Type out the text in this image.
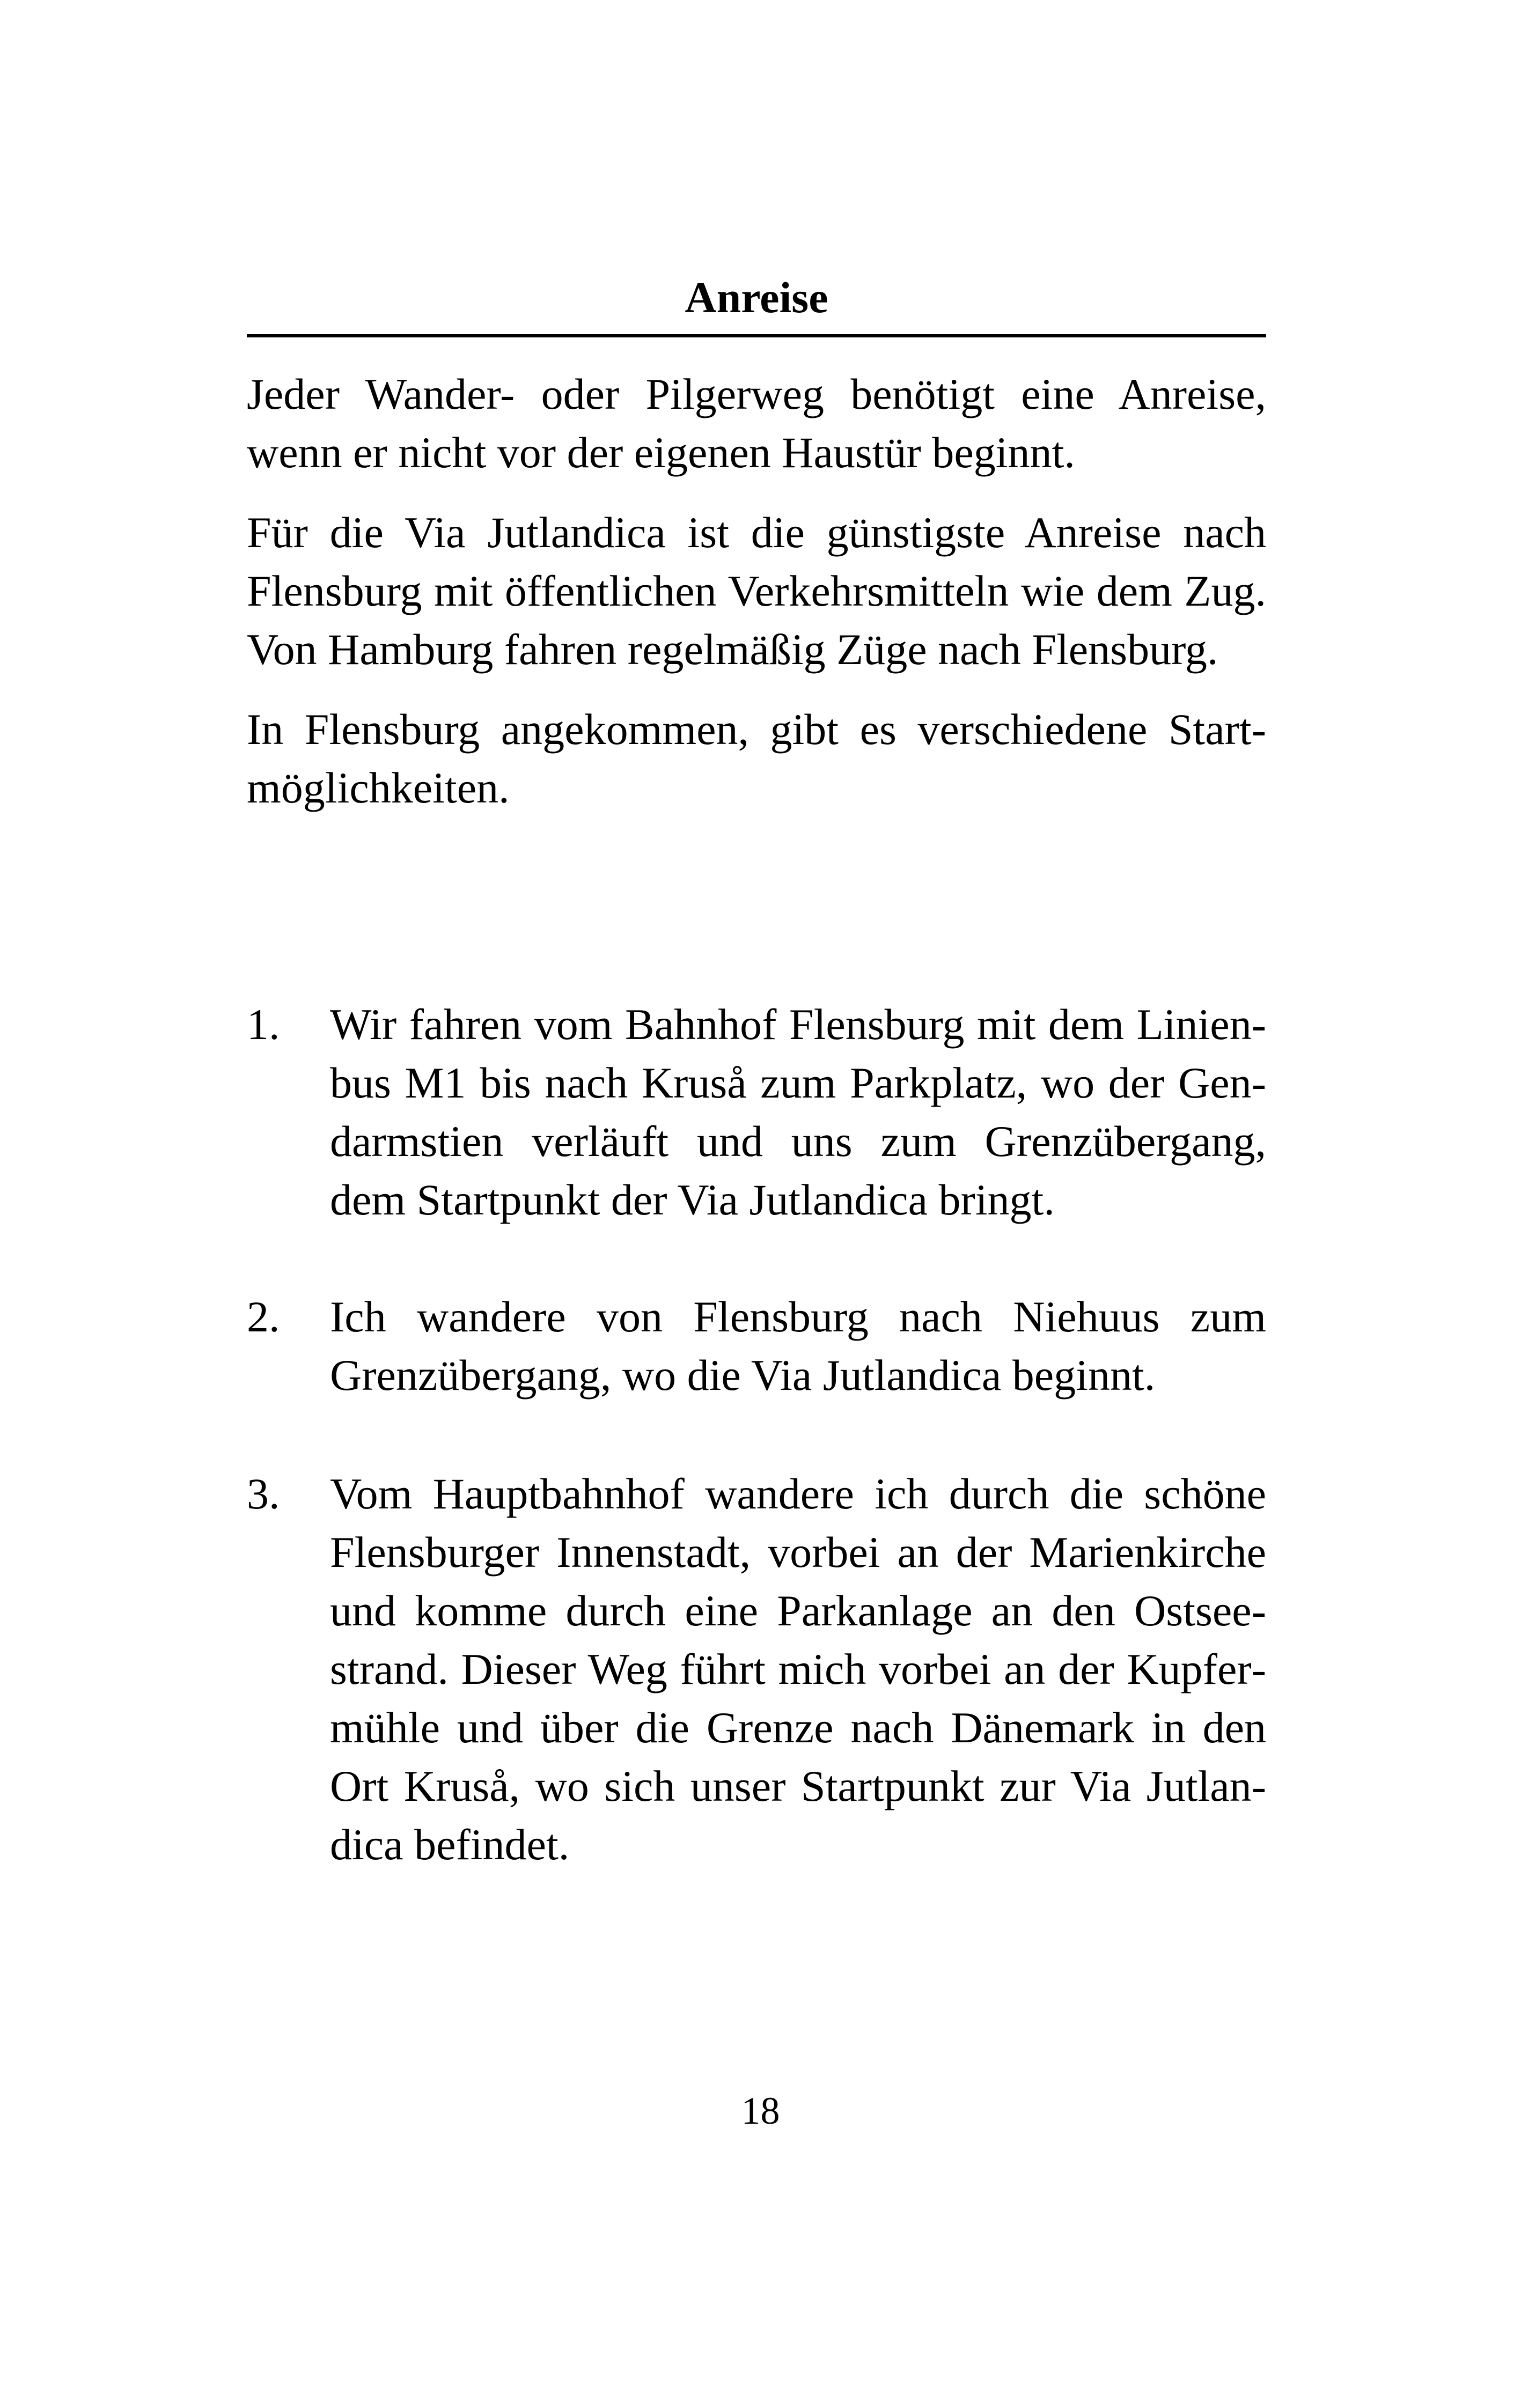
Anreise

Jeder Wander- oder Pilgerweg benötigt eine Anreise, wenn er nicht vor der eigenen Haustür beginnt.

Für die Via Jutlandica ist die günstigste Anreise nach Flensburg mit öffentlichen Verkehrsmitteln wie dem Zug. Von Hamburg fahren regelmäßig Züge nach Flensburg.

In Flensburg angekommen, gibt es verschiedene Startmöglichkeiten.

1.	Wir fahren vom Bahnhof Flensburg mit dem Linienbus M1 bis nach Kruså zum Parkplatz, wo der Gendarmstien verläuft und uns zum Grenzübergang, dem Startpunkt der Via Jutlandica bringt.

2.	Ich wandere von Flensburg nach Niehuus zum Grenzübergang, wo die Via Jutlandica beginnt.

3.	Vom Hauptbahnhof wandere ich durch die schöne Flensburger Innenstadt, vorbei an der Marienkirche und komme durch eine Parkanlage an den Ostseestrand. Dieser Weg führt mich vorbei an der Kupfermühle und über die Grenze nach Dänemark in den Ort Kruså, wo sich unser Startpunkt zur Via Jutlandica befindet.

18
